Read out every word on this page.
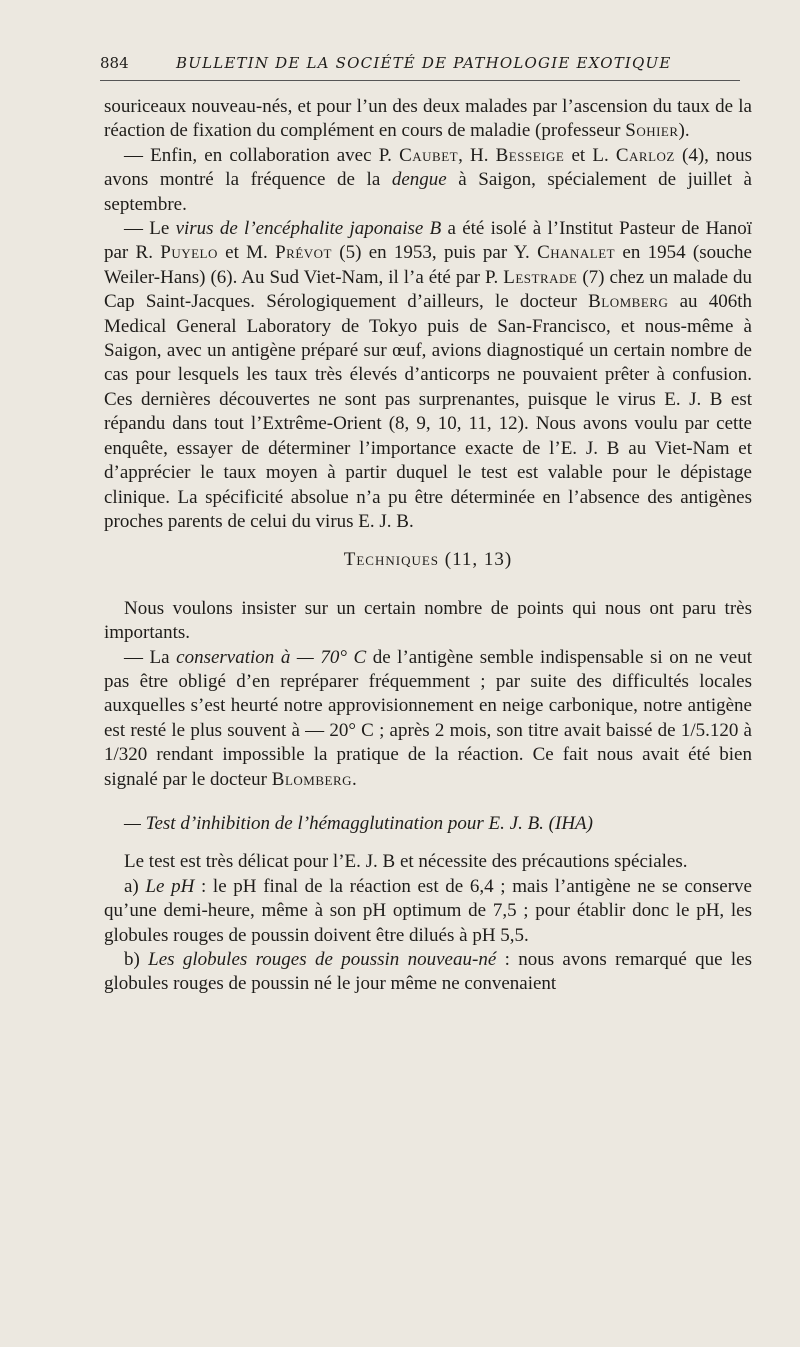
884	BULLETIN DE LA SOCIÉTÉ DE PATHOLOGIE EXOTIQUE

souriceaux nouveau-nés, et pour l’un des deux malades par l’ascension du taux de la réaction de fixation du complément en cours de maladie (professeur Sohier).

— Enfin, en collaboration avec P. Caubet, H. Besseige et L. Carloz (4), nous avons montré la fréquence de la dengue à Saigon, spécialement de juillet à septembre.

— Le virus de l’encéphalite japonaise B a été isolé à l’Institut Pasteur de Hanoï par R. Puyelo et M. Prévot (5) en 1953, puis par Y. Chanalet en 1954 (souche Weiler-Hans) (6). Au Sud Viet-Nam, il l’a été par P. Lestrade (7) chez un malade du Cap Saint-Jacques. Sérologiquement d’ailleurs, le docteur Blomberg au 406th Medical General Laboratory de Tokyo puis de San-Francisco, et nous-même à Saigon, avec un antigène préparé sur œuf, avions diagnostiqué un certain nombre de cas pour lesquels les taux très élevés d’anticorps ne pouvaient prêter à confusion. Ces dernières découvertes ne sont pas surprenantes, puisque le virus E. J. B est répandu dans tout l’Extrême-Orient (8, 9, 10, 11, 12). Nous avons voulu par cette enquête, essayer de déterminer l’importance exacte de l’E. J. B au Viet-Nam et d’apprécier le taux moyen à partir duquel le test est valable pour le dépistage clinique. La spécificité absolue n’a pu être déterminée en l’absence des antigènes proches parents de celui du virus E. J. B.

Techniques (11, 13)

Nous voulons insister sur un certain nombre de points qui nous ont paru très importants.

— La conservation à — 70° C de l’antigène semble indispensable si on ne veut pas être obligé d’en repréparer fréquemment ; par suite des difficultés locales auxquelles s’est heurté notre approvisionnement en neige carbonique, notre antigène est resté le plus souvent à — 20° C ; après 2 mois, son titre avait baissé de 1/5.120 à 1/320 rendant impossible la pratique de la réaction. Ce fait nous avait été bien signalé par le docteur Blomberg.

— Test d’inhibition de l’hémagglutination pour E. J. B. (IHA)

Le test est très délicat pour l’E. J. B et nécessite des précautions spéciales.

a) Le pH : le pH final de la réaction est de 6,4 ; mais l’antigène ne se conserve qu’une demi-heure, même à son pH optimum de 7,5 ; pour établir donc le pH, les globules rouges de poussin doivent être dilués à pH 5,5.

b) Les globules rouges de poussin nouveau-né : nous avons remarqué que les globules rouges de poussin né le jour même ne convenaient
